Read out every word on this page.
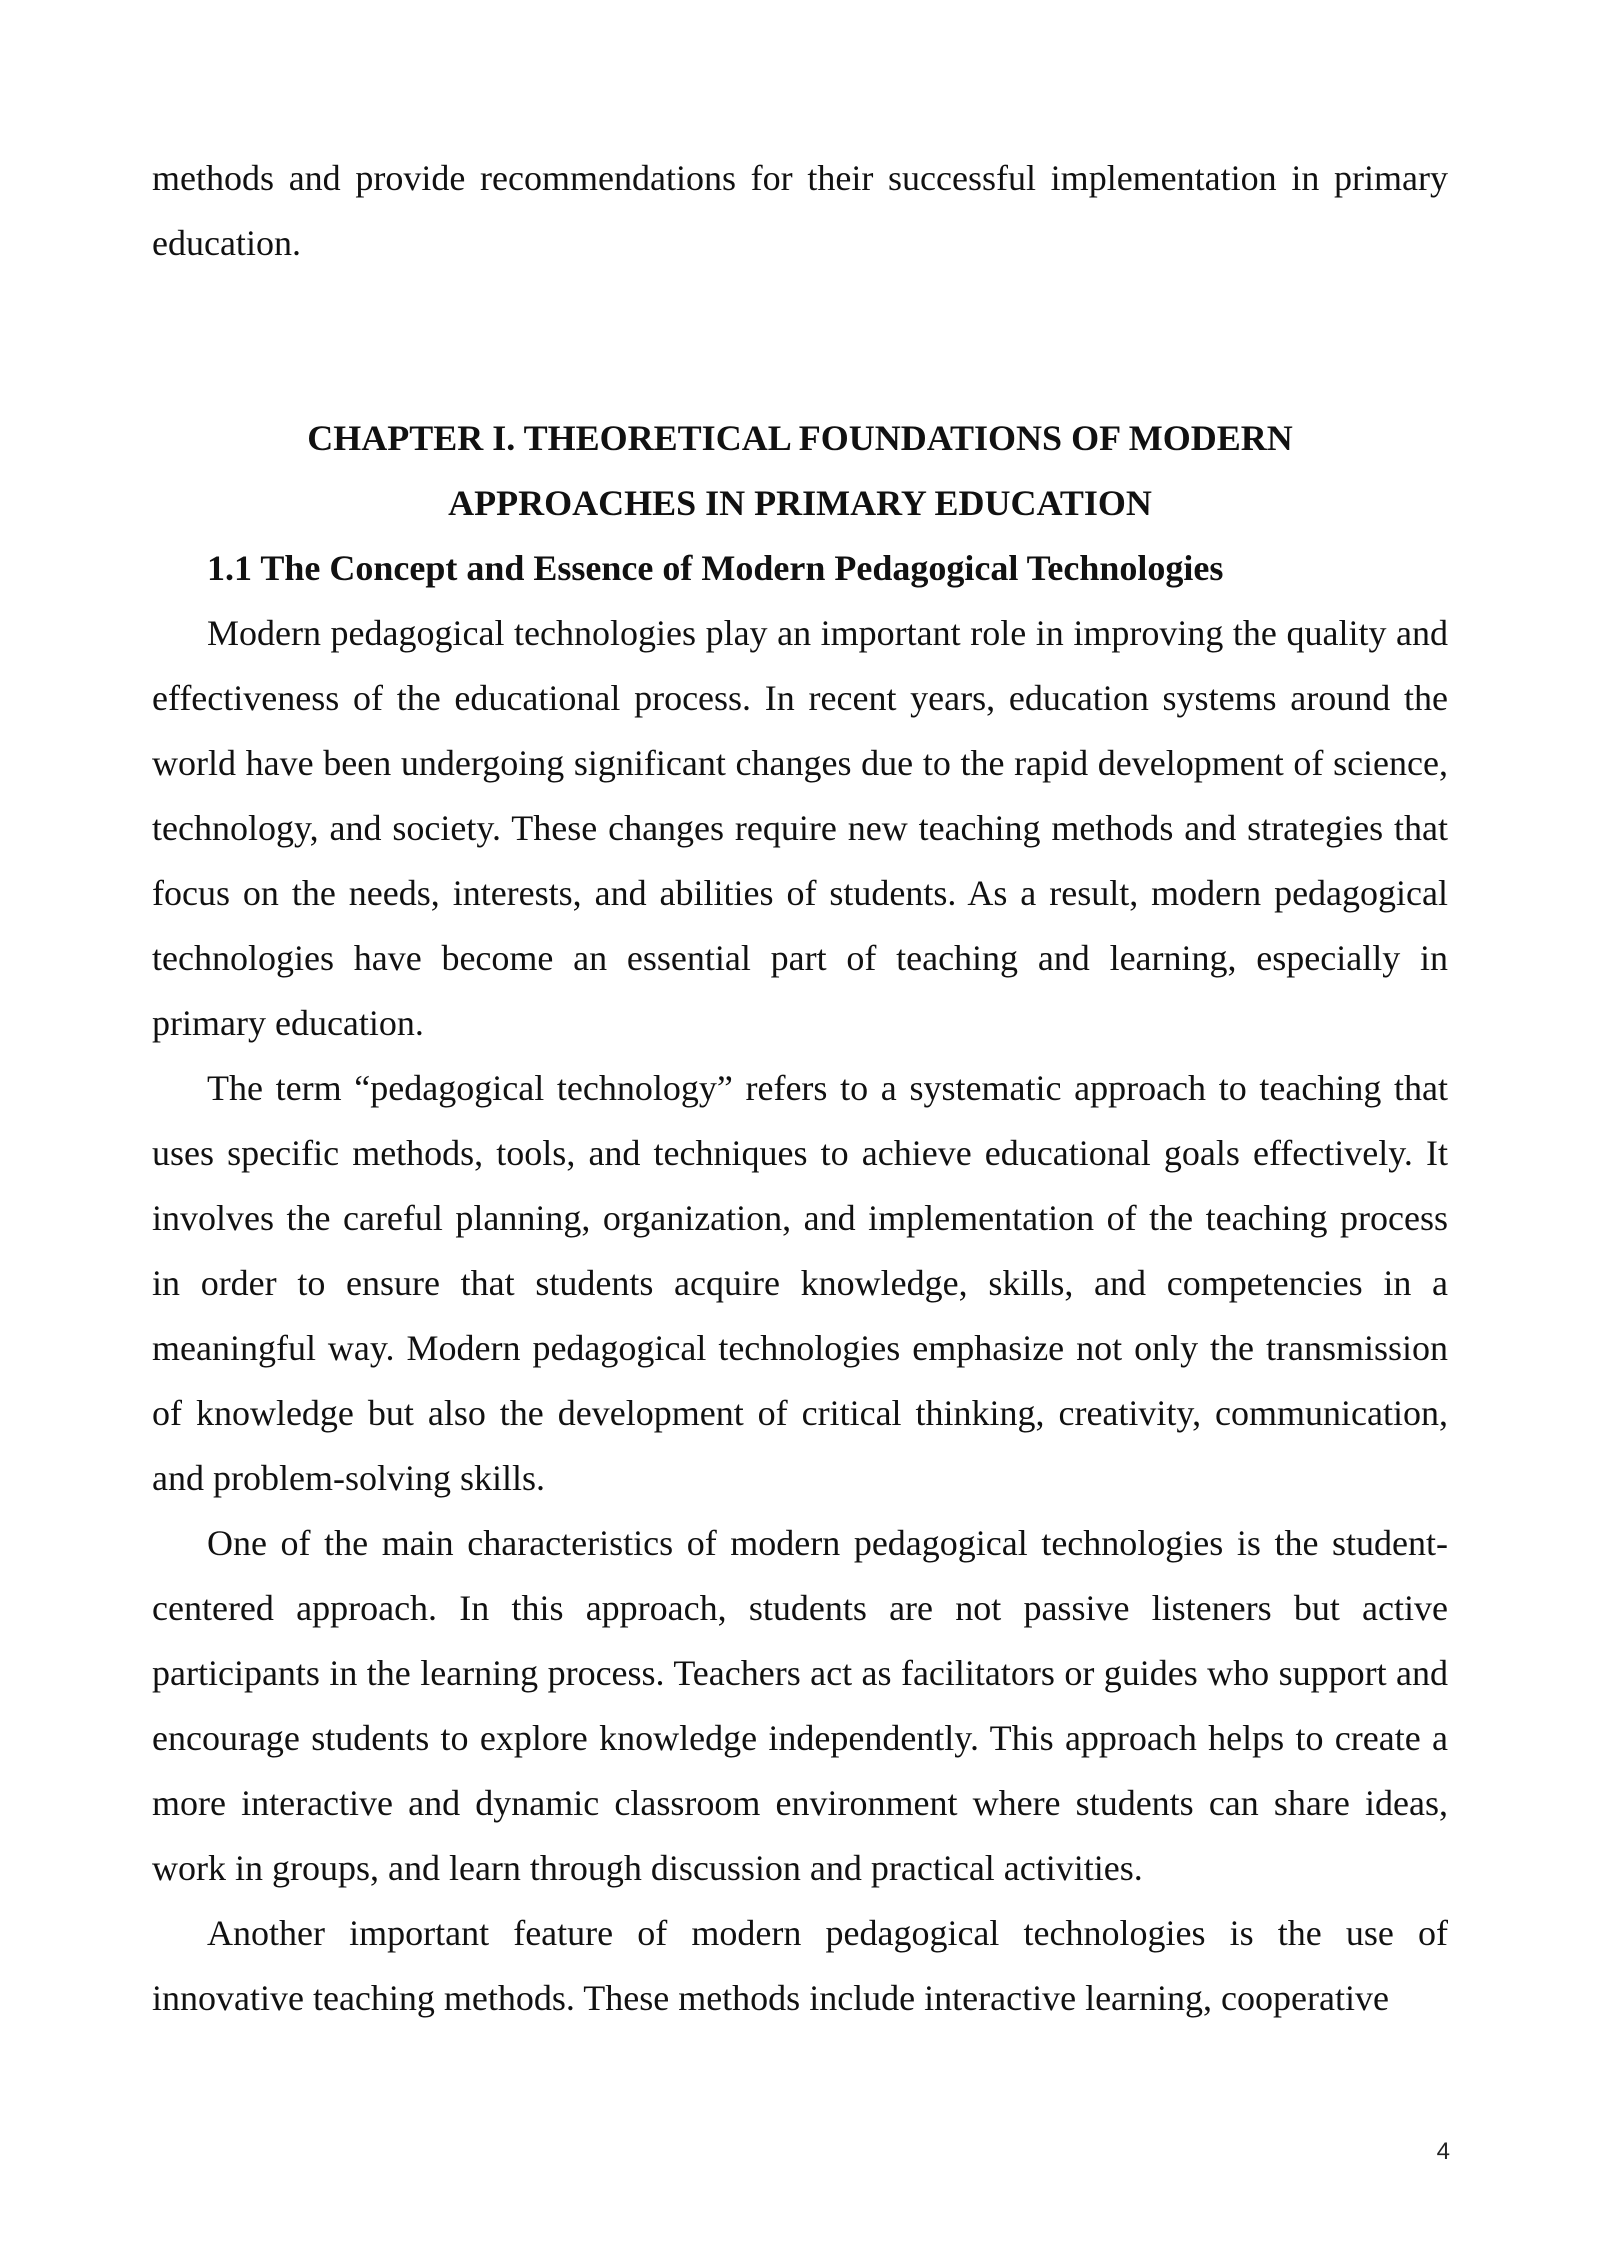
methods and provide recommendations for their successful implementation in primary education.

CHAPTER I. THEORETICAL FOUNDATIONS OF MODERN APPROACHES IN PRIMARY EDUCATION
1.1 The Concept and Essence of Modern Pedagogical Technologies

Modern pedagogical technologies play an important role in improving the quality and effectiveness of the educational process. In recent years, education systems around the world have been undergoing significant changes due to the rapid development of science, technology, and society. These changes require new teaching methods and strategies that focus on the needs, interests, and abilities of students. As a result, modern pedagogical technologies have become an essential part of teaching and learning, especially in primary education.

The term “pedagogical technology” refers to a systematic approach to teaching that uses specific methods, tools, and techniques to achieve educational goals effectively. It involves the careful planning, organization, and implementation of the teaching process in order to ensure that students acquire knowledge, skills, and competencies in a meaningful way. Modern pedagogical technologies emphasize not only the transmission of knowledge but also the development of critical thinking, creativity, communication, and problem-solving skills.

One of the main characteristics of modern pedagogical technologies is the student-centered approach. In this approach, students are not passive listeners but active participants in the learning process. Teachers act as facilitators or guides who support and encourage students to explore knowledge independently. This approach helps to create a more interactive and dynamic classroom environment where students can share ideas, work in groups, and learn through discussion and practical activities.

Another important feature of modern pedagogical technologies is the use of innovative teaching methods. These methods include interactive learning, cooperative

4
